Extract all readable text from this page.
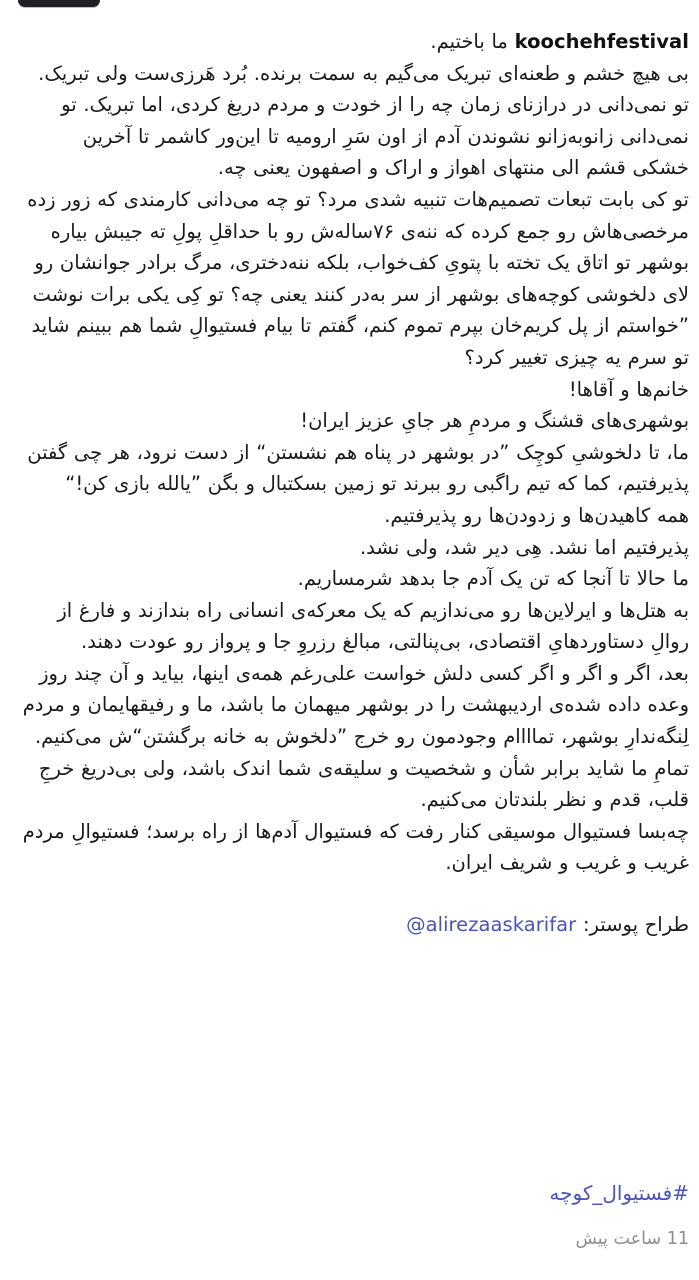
koochehfestival ما باختیم.
بی هیچ خشم و طعنه‌ای تبریک می‌گیم به سمت برنده. بُرد هَرزی‌ست ولی تبریک.
تو نمی‌دانی در درازنای زمان چه را از خودت و مردم دریغ کردی، اما تبریک. تو نمی‌دانی زانوبه‌زانو نشوندن آدم از اون سَرِ ارومیه تا این‌ور کاشمر تا آخرین خشکی قشم الی منتهای اهواز و اراک و اصفهون یعنی چه.
تو کی بابت تبعات تصمیم‌هات تنبیه شدی مرد؟ تو چه می‌دانی کارمندی که زور زده مرخصی‌هاش رو جمع کرده که ننه‌ی ۷۶ساله‌ش رو با حداقلِ پولِ ته جیبش بیاره بوشهر تو اتاق یک تخته با پتویِ کف‌خواب، بلکه ننه‌دختری، مرگ برادر جوانشان رو لای دلخوشی کوچه‌های بوشهر از سر به‌در کنند یعنی چه؟ تو کِی یکی برات نوشت ”خواستم از پل کریم‌خان بپرم تموم کنم، گفتم تا بیام فستیوالِ شما هم ببینم شاید تو سرم یه چیزی تغییر کرد؟
خانم‌ها و آقاها!
بوشهری‌های قشنگ و مردمِ هر جایِ عزیز ایران!
ما، تا دلخوشیِ کوچِک ”در بوشهر در پناه هم نشستن“ از دست نرود، هر چی گفتن پذیرفتیم، کما که تیم راگبی رو ببرند تو زمین بسکتبال و بگن ”یالله بازی کن!“
همه کاهیدن‌ها و زدودن‌ها رو پذیرفتیم.
پذیرفتیم اما نشد. هِی دیر شد، ولی نشد.
ما حالا تا آنجا که تن یک آدم جا بدهد شرمساریم.
به هتل‌ها و ایرلاین‌ها رو می‌ندازیم که یک معرکه‌ی انسانی راه بندازند و فارغ از روالِ دستاوردهایِ اقتصادی، بی‌پنالتی، مبالغ رزروِ جا و پرواز رو عودت دهند.
بعد، اگر و اگر و اگر کسی دلش خواست علی‌رغم همه‌ی اینها، بیاید و آن چند روز وعده داده شده‌ی اردیبهشت را در بوشهر میهمان ما باشد، ما و رفیقهایمان و مردم لِنگه‌ندارِ بوشهر، تماااام وجودمون رو خرج ”دلخوش به خانه برگشتن“ش می‌کنیم.
تمامِ ما شاید برابر شأن و شخصیت و سلیقه‌ی شما اندک باشد، ولی بی‌دریغ خرجِ قلب، قدم و نظر بلندتان می‌کنیم.
چه‌بسا فستیوال موسیقی کنار رفت که فستیوال آدم‌ها از راه برسد؛ فستیوالِ مردم غریب و غریب و شریف ایران.
طراح پوستر: @alirezaaskarifar
#فستیوال_کوچه
11 ساعت پیش
